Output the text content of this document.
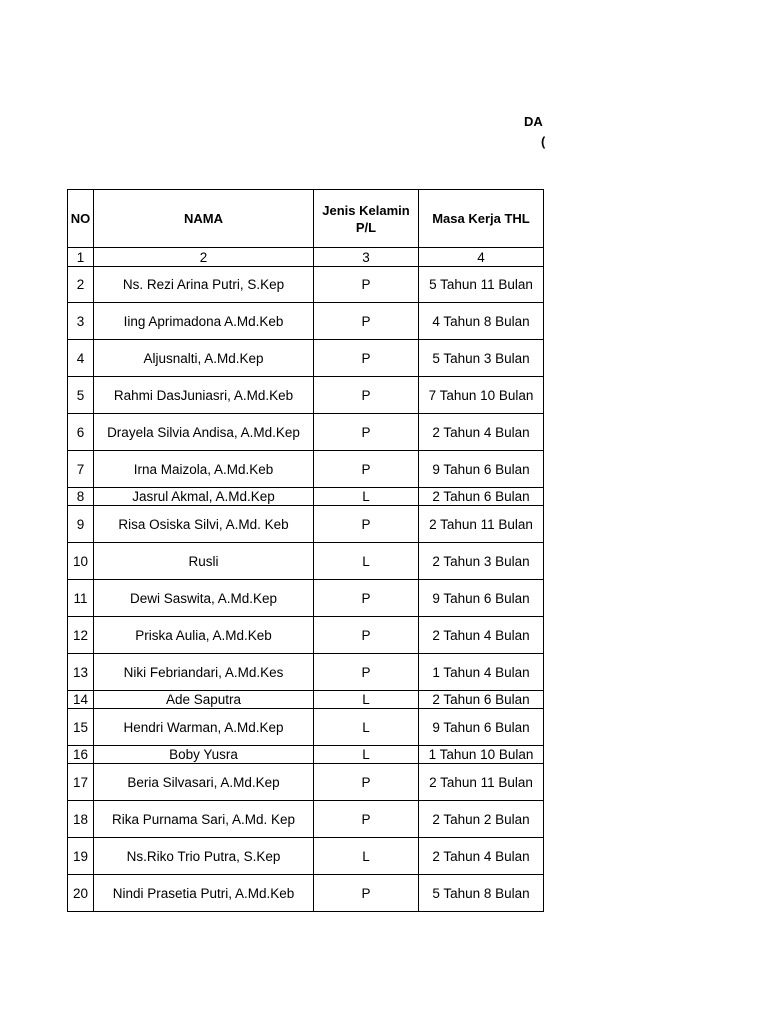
DA
(
NO	NAMA	Jenis Kelamin P/L	Masa Kerja THL
1	2	3	4
2	Ns. Rezi Arina Putri, S.Kep	P	5 Tahun 11 Bulan
3	Iing Aprimadona A.Md.Keb	P	4 Tahun 8 Bulan
4	Aljusnalti, A.Md.Kep	P	5 Tahun 3 Bulan
5	Rahmi DasJuniasri, A.Md.Keb	P	7 Tahun 10 Bulan
6	Drayela Silvia Andisa, A.Md.Kep	P	2 Tahun 4 Bulan
7	Irna Maizola, A.Md.Keb	P	9 Tahun 6 Bulan
8	Jasrul Akmal, A.Md.Kep	L	2 Tahun 6 Bulan
9	Risa Osiska Silvi, A.Md. Keb	P	2 Tahun 11 Bulan
10	Rusli	L	2 Tahun 3 Bulan
11	Dewi Saswita, A.Md.Kep	P	9 Tahun 6 Bulan
12	Priska Aulia, A.Md.Keb	P	2 Tahun 4 Bulan
13	Niki Febriandari, A.Md.Kes	P	1 Tahun 4 Bulan
14	Ade Saputra	L	2 Tahun 6 Bulan
15	Hendri Warman, A.Md.Kep	L	9 Tahun 6 Bulan
16	Boby Yusra	L	1 Tahun 10 Bulan
17	Beria Silvasari, A.Md.Kep	P	2 Tahun 11 Bulan
18	Rika Purnama Sari, A.Md. Kep	P	2 Tahun 2 Bulan
19	Ns.Riko Trio Putra, S.Kep	L	2 Tahun 4 Bulan
20	Nindi Prasetia Putri, A.Md.Keb	P	5 Tahun 8 Bulan
